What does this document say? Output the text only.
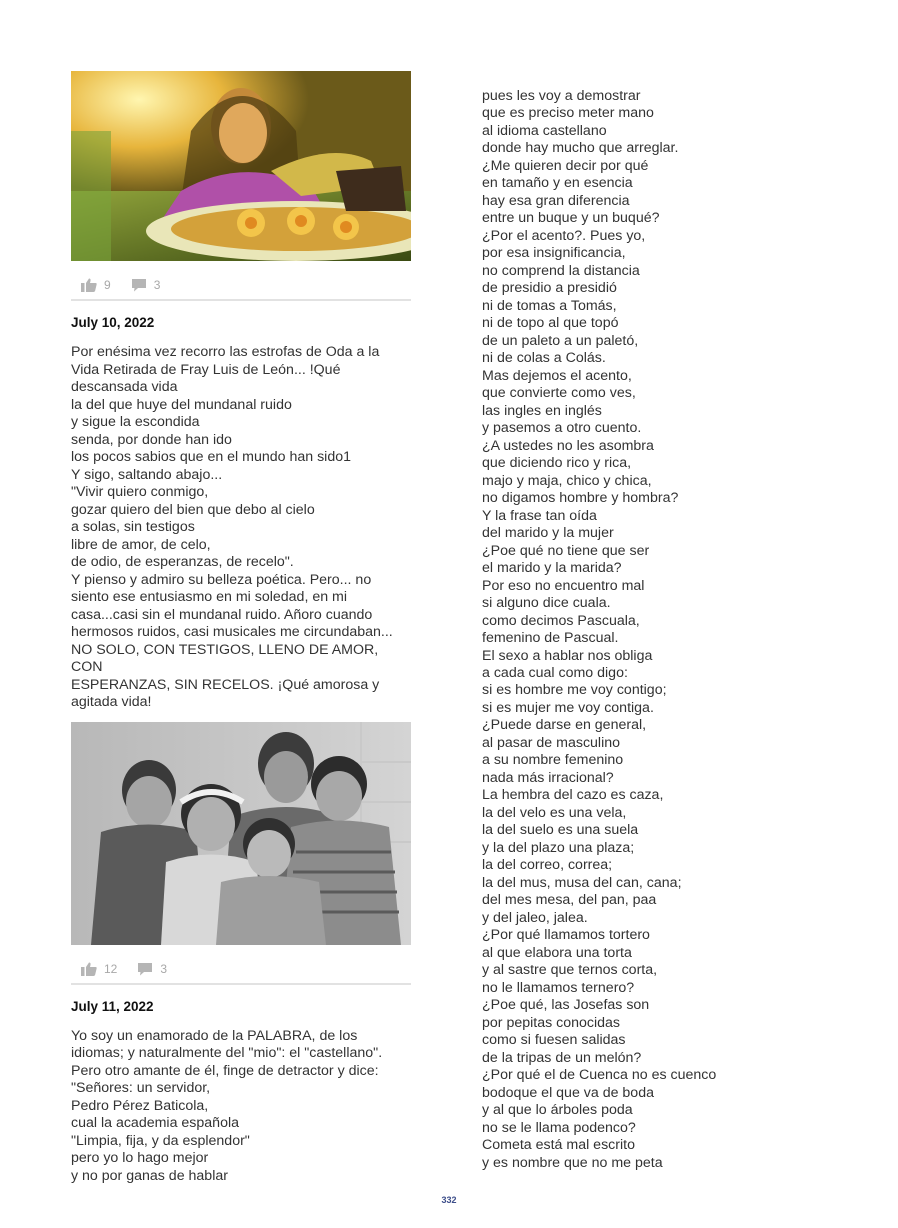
9	3
July 10, 2022

Por enésima vez recorro las estrofas de Oda a la

Vida Retirada de Fray Luis de León... !Qué

descansada vida

la del que huye del mundanal ruido

y sigue la escondida

senda, por donde han ido

los pocos sabios que en el mundo han sido1

Y sigo, saltando abajo...

"Vivir quiero conmigo,

gozar quiero del bien que debo al cielo

a solas, sin testigos

libre de amor, de celo,

de odio, de esperanzas, de recelo".

Y pienso y admiro su belleza poética. Pero... no

siento ese entusiasmo en mi soledad, en mi

casa...casi sin el mundanal ruido. Añoro cuando

hermosos ruidos, casi musicales me circundaban...

NO SOLO, CON TESTIGOS, LLENO DE AMOR, CON

ESPERANZAS, SIN RECELOS. ¡Qué amorosa y

agitada vida!

12	3
July 11, 2022

Yo soy un enamorado de la PALABRA, de los

idiomas; y naturalmente del "mio": el "castellano".

Pero otro amante de él, finge de detractor y dice:

"Señores: un servidor,

Pedro Pérez Baticola,

cual la academia española

"Limpia, fija, y da esplendor"

pero yo lo hago mejor

y no por ganas de hablar

pues les voy a demostrar

que es preciso meter mano

al idioma castellano

donde hay mucho que arreglar.

¿Me quieren decir por qué

en tamaño y en esencia

hay esa gran diferencia

entre un buque y un buqué?

¿Por el acento?. Pues yo,

por esa insignificancia,

no comprend la distancia

de presidio a presidió

ni de tomas a Tomás,

ni de topo al que topó

de un paleto a un paletó,

ni de colas a Colás.

Mas dejemos el acento,

que convierte como ves,

las ingles en inglés

y pasemos a otro cuento.

¿A ustedes no les asombra

que diciendo rico y rica,

majo y maja, chico y chica,

no digamos hombre y hombra?

Y la frase tan oída

del marido y la mujer

¿Poe qué no tiene que ser

el marido y la marida?

Por eso no encuentro mal

si alguno dice cuala.

como decimos Pascuala,

femenino de Pascual.

El sexo a hablar nos obliga

a cada cual como digo:

si es hombre me voy contigo;

si es mujer me voy contiga.

¿Puede darse en general,

al pasar de masculino

a su nombre femenino

nada más irracional?

La hembra del cazo es caza,

la del velo es una vela,

la del suelo es una suela

y la del plazo una plaza;

la del correo, correa;

la del mus, musa del can, cana;

del mes mesa, del pan, paa

y del jaleo, jalea.

¿Por qué llamamos tortero

al que elabora una torta

y al sastre que ternos corta,

no le llamamos ternero?

¿Poe qué, las Josefas son

por pepitas conocidas

como si fuesen salidas

de la tripas de un melón?

¿Por qué el de Cuenca no es cuenco

bodoque el que va de boda

y al que lo árboles poda

no se le llama podenco?

Cometa está mal escrito

y es nombre que no me peta

332
